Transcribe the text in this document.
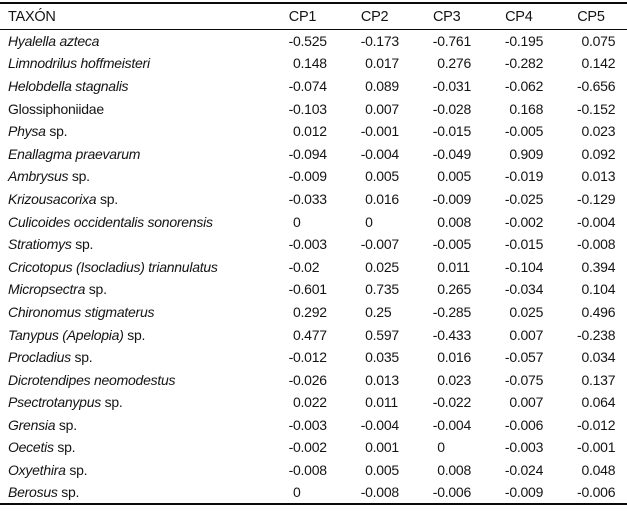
TAXÓN	CP1	CP2	CP3	CP4	CP5
Hyalella azteca	-0 .525	-0 .173	-0 .761	-0 .195	0 .075

Limnodrilus hoffmeisteri	0 .148	0 .017	0 .276	-0 .282	0 .142

Helobdella stagnalis	-0 .074	0 .089	-0 .031	-0 .062	-0 .656

Glossiphoniidae	-0 .103	0 .007	-0 .028	0 .168	-0 .152

Physa sp.	0 .012	-0 .001	-0 .015	-0 .005	0 .023

Enallagma praevarum	-0 .094	-0 .004	-0 .049	0 .909	0 .092

Ambrysus sp.	-0 .009	0 .005	0 .005	-0 .019	0 .013

Krizousacorixa sp.	-0 .033	0 .016	-0 .009	-0 .025	-0 .129

Culicoides occidentalis sonorensis	0	0	0 .008	-0 .002	-0 .004

Stratiomys sp.	-0 .003	-0 .007	-0 .005	-0 .015	-0 .008

Cricotopus (Isocladius) triannulatus	-0 .02	0 .025	0 .011	-0 .104	0 .394

Micropsectra sp.	-0 .601	0 .735	0 .265	-0 .034	0 .104

Chironomus stigmaterus	0 .292	0 .25	-0 .285	0 .025	0 .496

Tanypus (Apelopia) sp.	0 .477	0 .597	-0 .433	0 .007	-0 .238

Procladius sp.	-0 .012	0 .035	0 .016	-0 .057	0 .034

Dicrotendipes neomodestus	-0 .026	0 .013	0 .023	-0 .075	0 .137

Psectrotanypus sp.	0 .022	0 .011	-0 .022	0 .007	0 .064

Grensia sp.	-0 .003	-0 .004	-0 .004	-0 .006	-0 .012

Oecetis sp.	-0 .002	0 .001	0	-0 .003	-0 .001

Oxyethira sp.	-0 .008	0 .005	0 .008	-0 .024	0 .048

Berosus sp.	0	-0 .008	-0 .006	-0 .009	-0 .006
